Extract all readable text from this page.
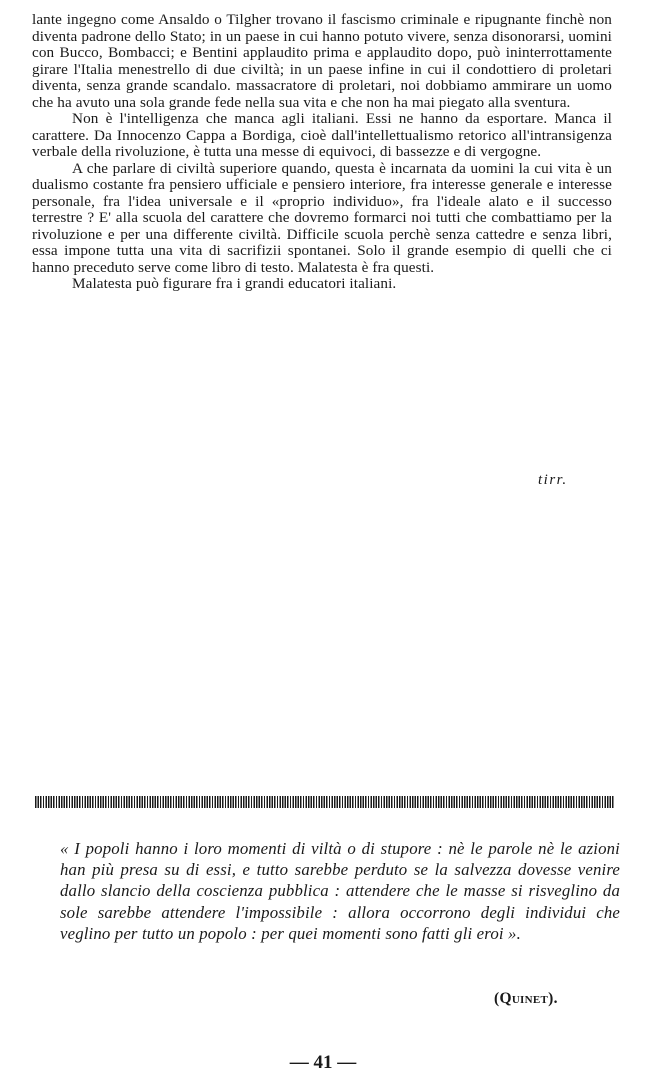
lante ingegno come Ansaldo o Tilgher trovano il fascismo criminale e ripugnante finchè non diventa padrone dello Stato; in un paese in cui hanno potuto vivere, senza disonorarsi, uomini con Bucco, Bombacci; e Bentini applaudito prima e applaudito dopo, può ininterrottamente girare l'Italia menestrello di due civiltà; in un paese infine in cui il condottiero di proletari diventa, senza grande scandalo. massacratore di proletari, noi dobbiamo ammirare un uomo che ha avuto una sola grande fede nella sua vita e che non ha mai piegato alla sventura.

Non è l'intelligenza che manca agli italiani. Essi ne hanno da esportare. Manca il carattere. Da Innocenzo Cappa a Bordiga, cioè dall'intellettualismo retorico all'intransigenza verbale della rivoluzione, è tutta una messe di equivoci, di bassezze e di vergogne.

A che parlare di civiltà superiore quando, questa è incarnata da uomini la cui vita è un dualismo costante fra pensiero ufficiale e pensiero interiore, fra interesse generale e interesse personale, fra l'idea universale e il «proprio individuo», fra l'ideale alato e il successo terrestre ? E' alla scuola del carattere che dovremo formarci noi tutti che combattiamo per la rivoluzione e per una differente civiltà. Difficile scuola perchè senza cattedre e senza libri, essa impone tutta una vita di sacrifizii spontanei. Solo il grande esempio di quelli che ci hanno preceduto serve come libro di testo. Malatesta è fra questi.

Malatesta può figurare fra i grandi educatori italiani.

tirr.
« I popoli hanno i loro momenti di viltà o di stupore : nè le parole nè le azioni han più presa su di essi, e tutto sarebbe perduto se la salvezza dovesse venire dallo slancio della coscienza pubblica : attendere che le masse si risveglino da sole sarebbe attendere l'impossibile : allora occorrono degli individui che veglino per tutto un popolo : per quei momenti sono fatti gli eroi ».
(Quinet).
— 41 —
